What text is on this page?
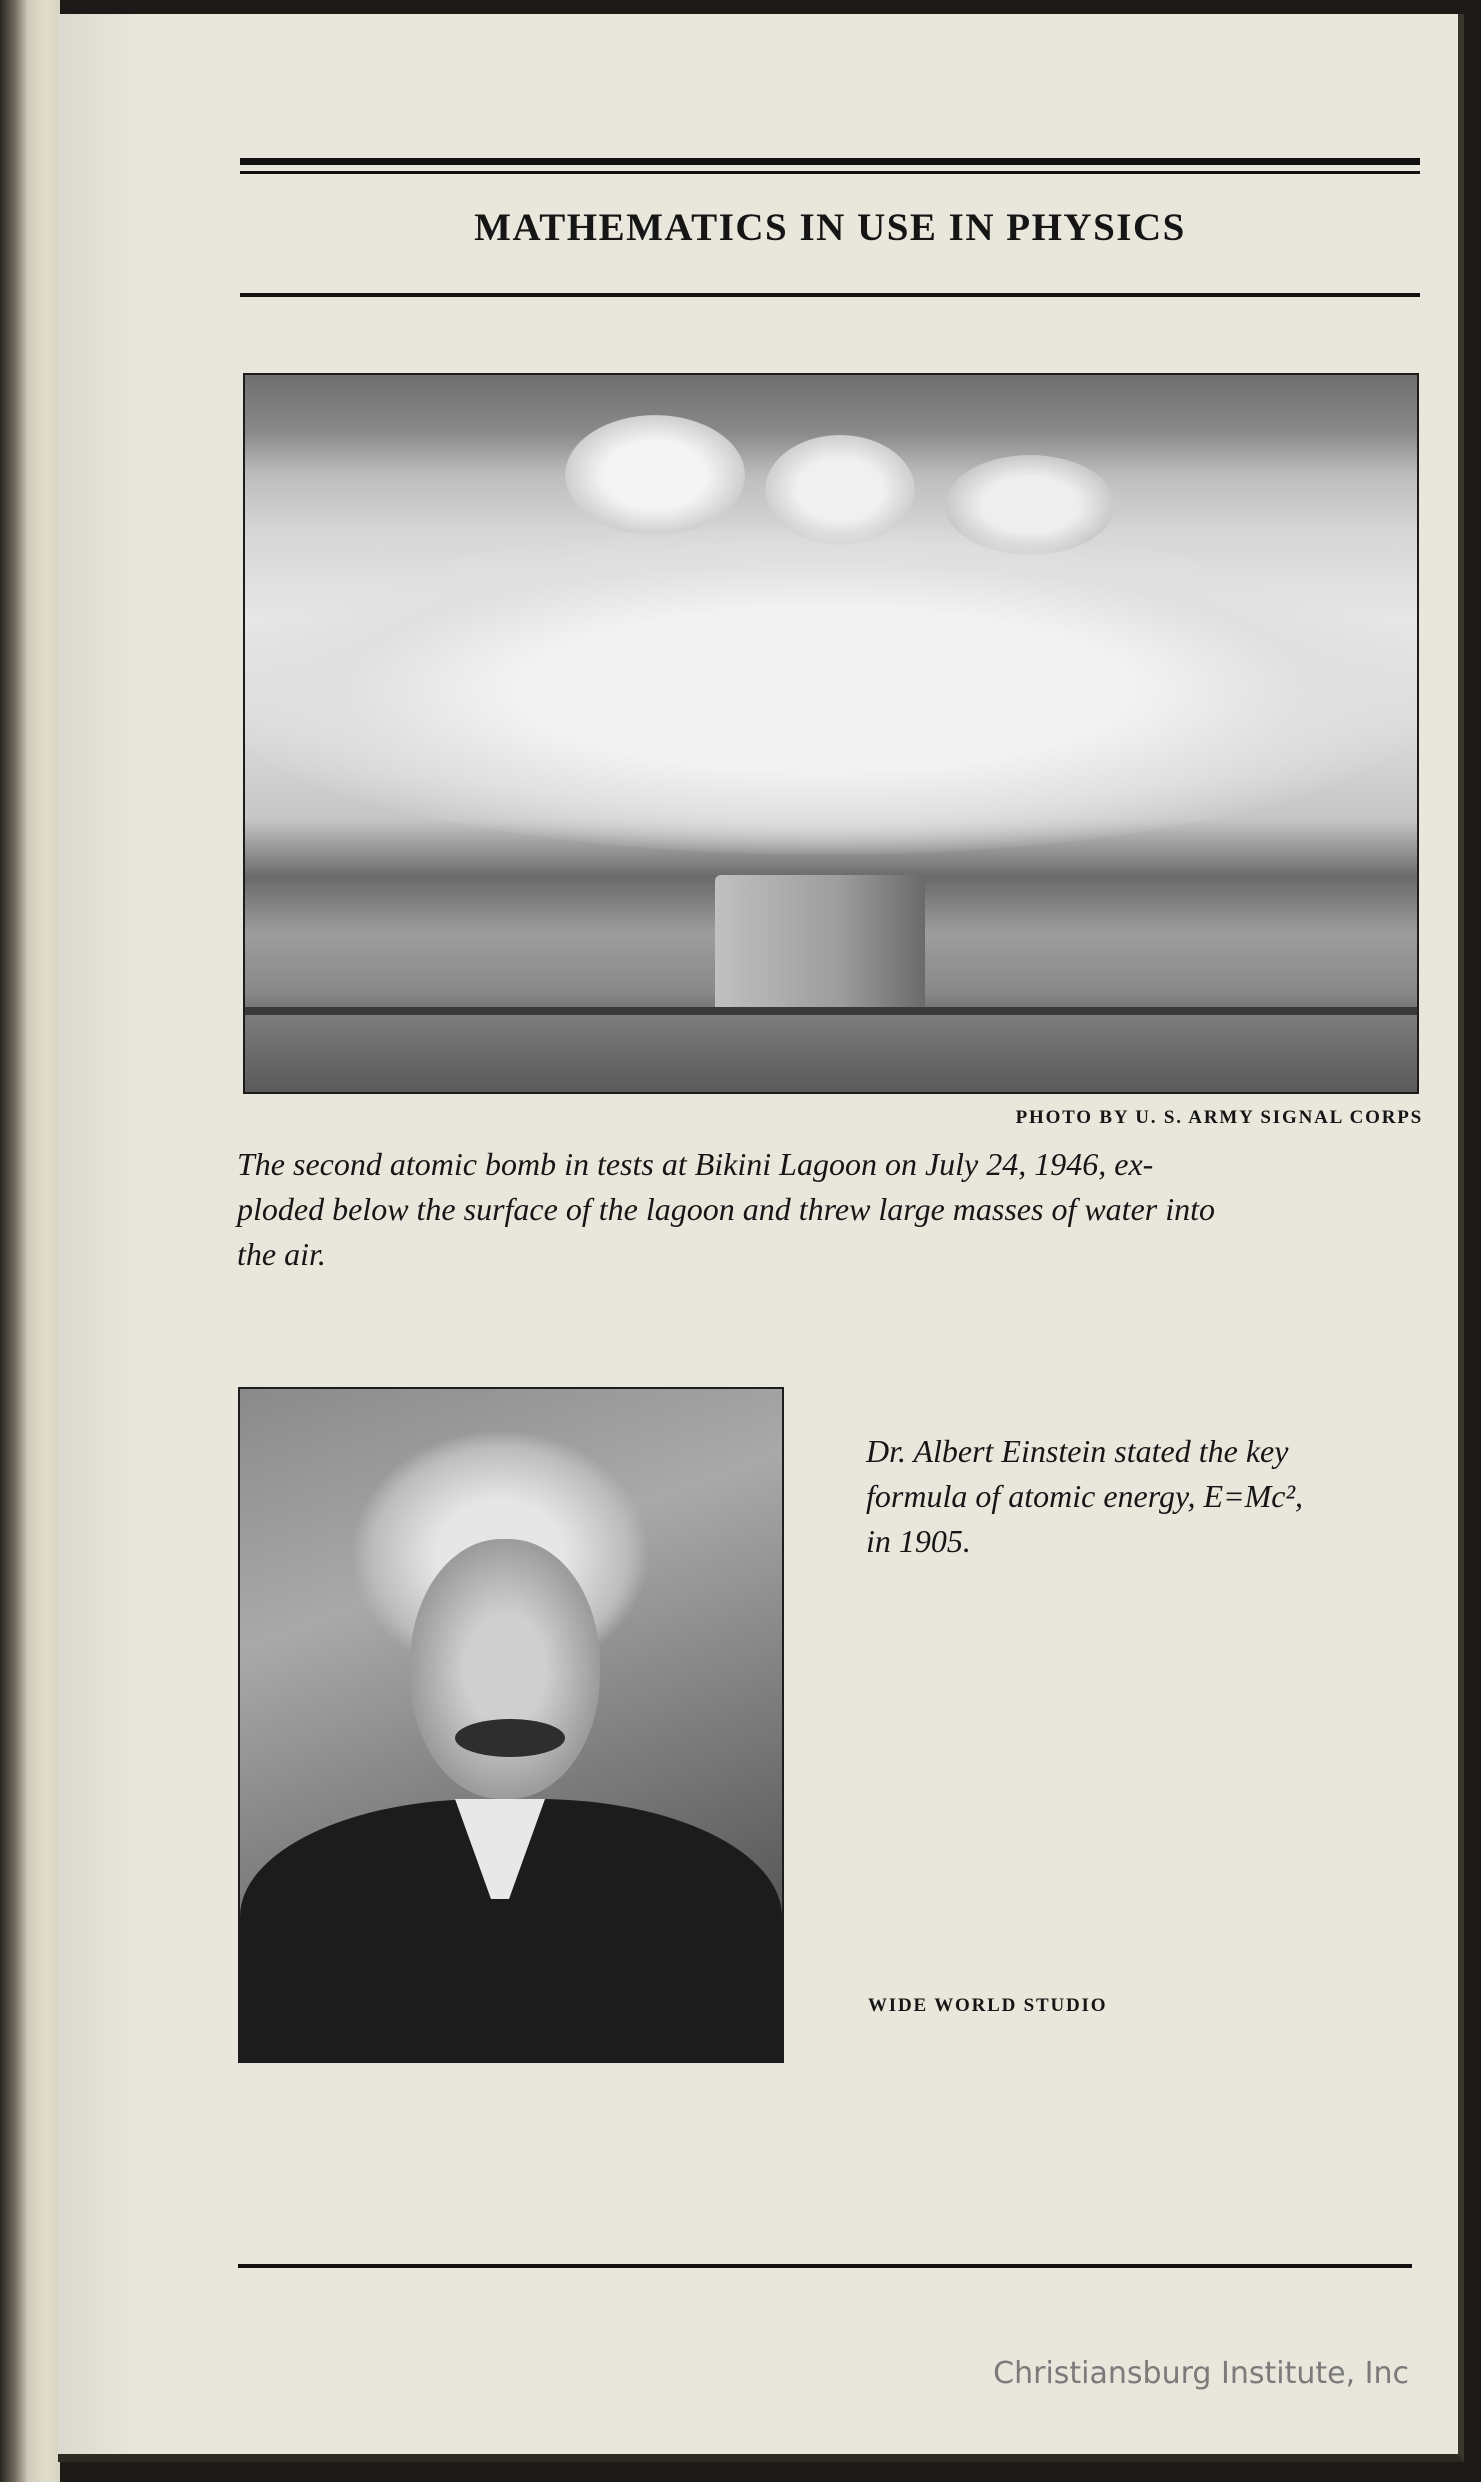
MATHEMATICS IN USE IN PHYSICS
PHOTO BY U. S. ARMY SIGNAL CORPS
The second atomic bomb in tests at Bikini Lagoon on July 24, 1946, ex-
ploded below the surface of the lagoon and threw large masses of water into
the air.
Dr. Albert Einstein stated the key
formula of atomic energy, E=Mc²,
in 1905.
WIDE WORLD STUDIO
Christiansburg Institute, Inc
